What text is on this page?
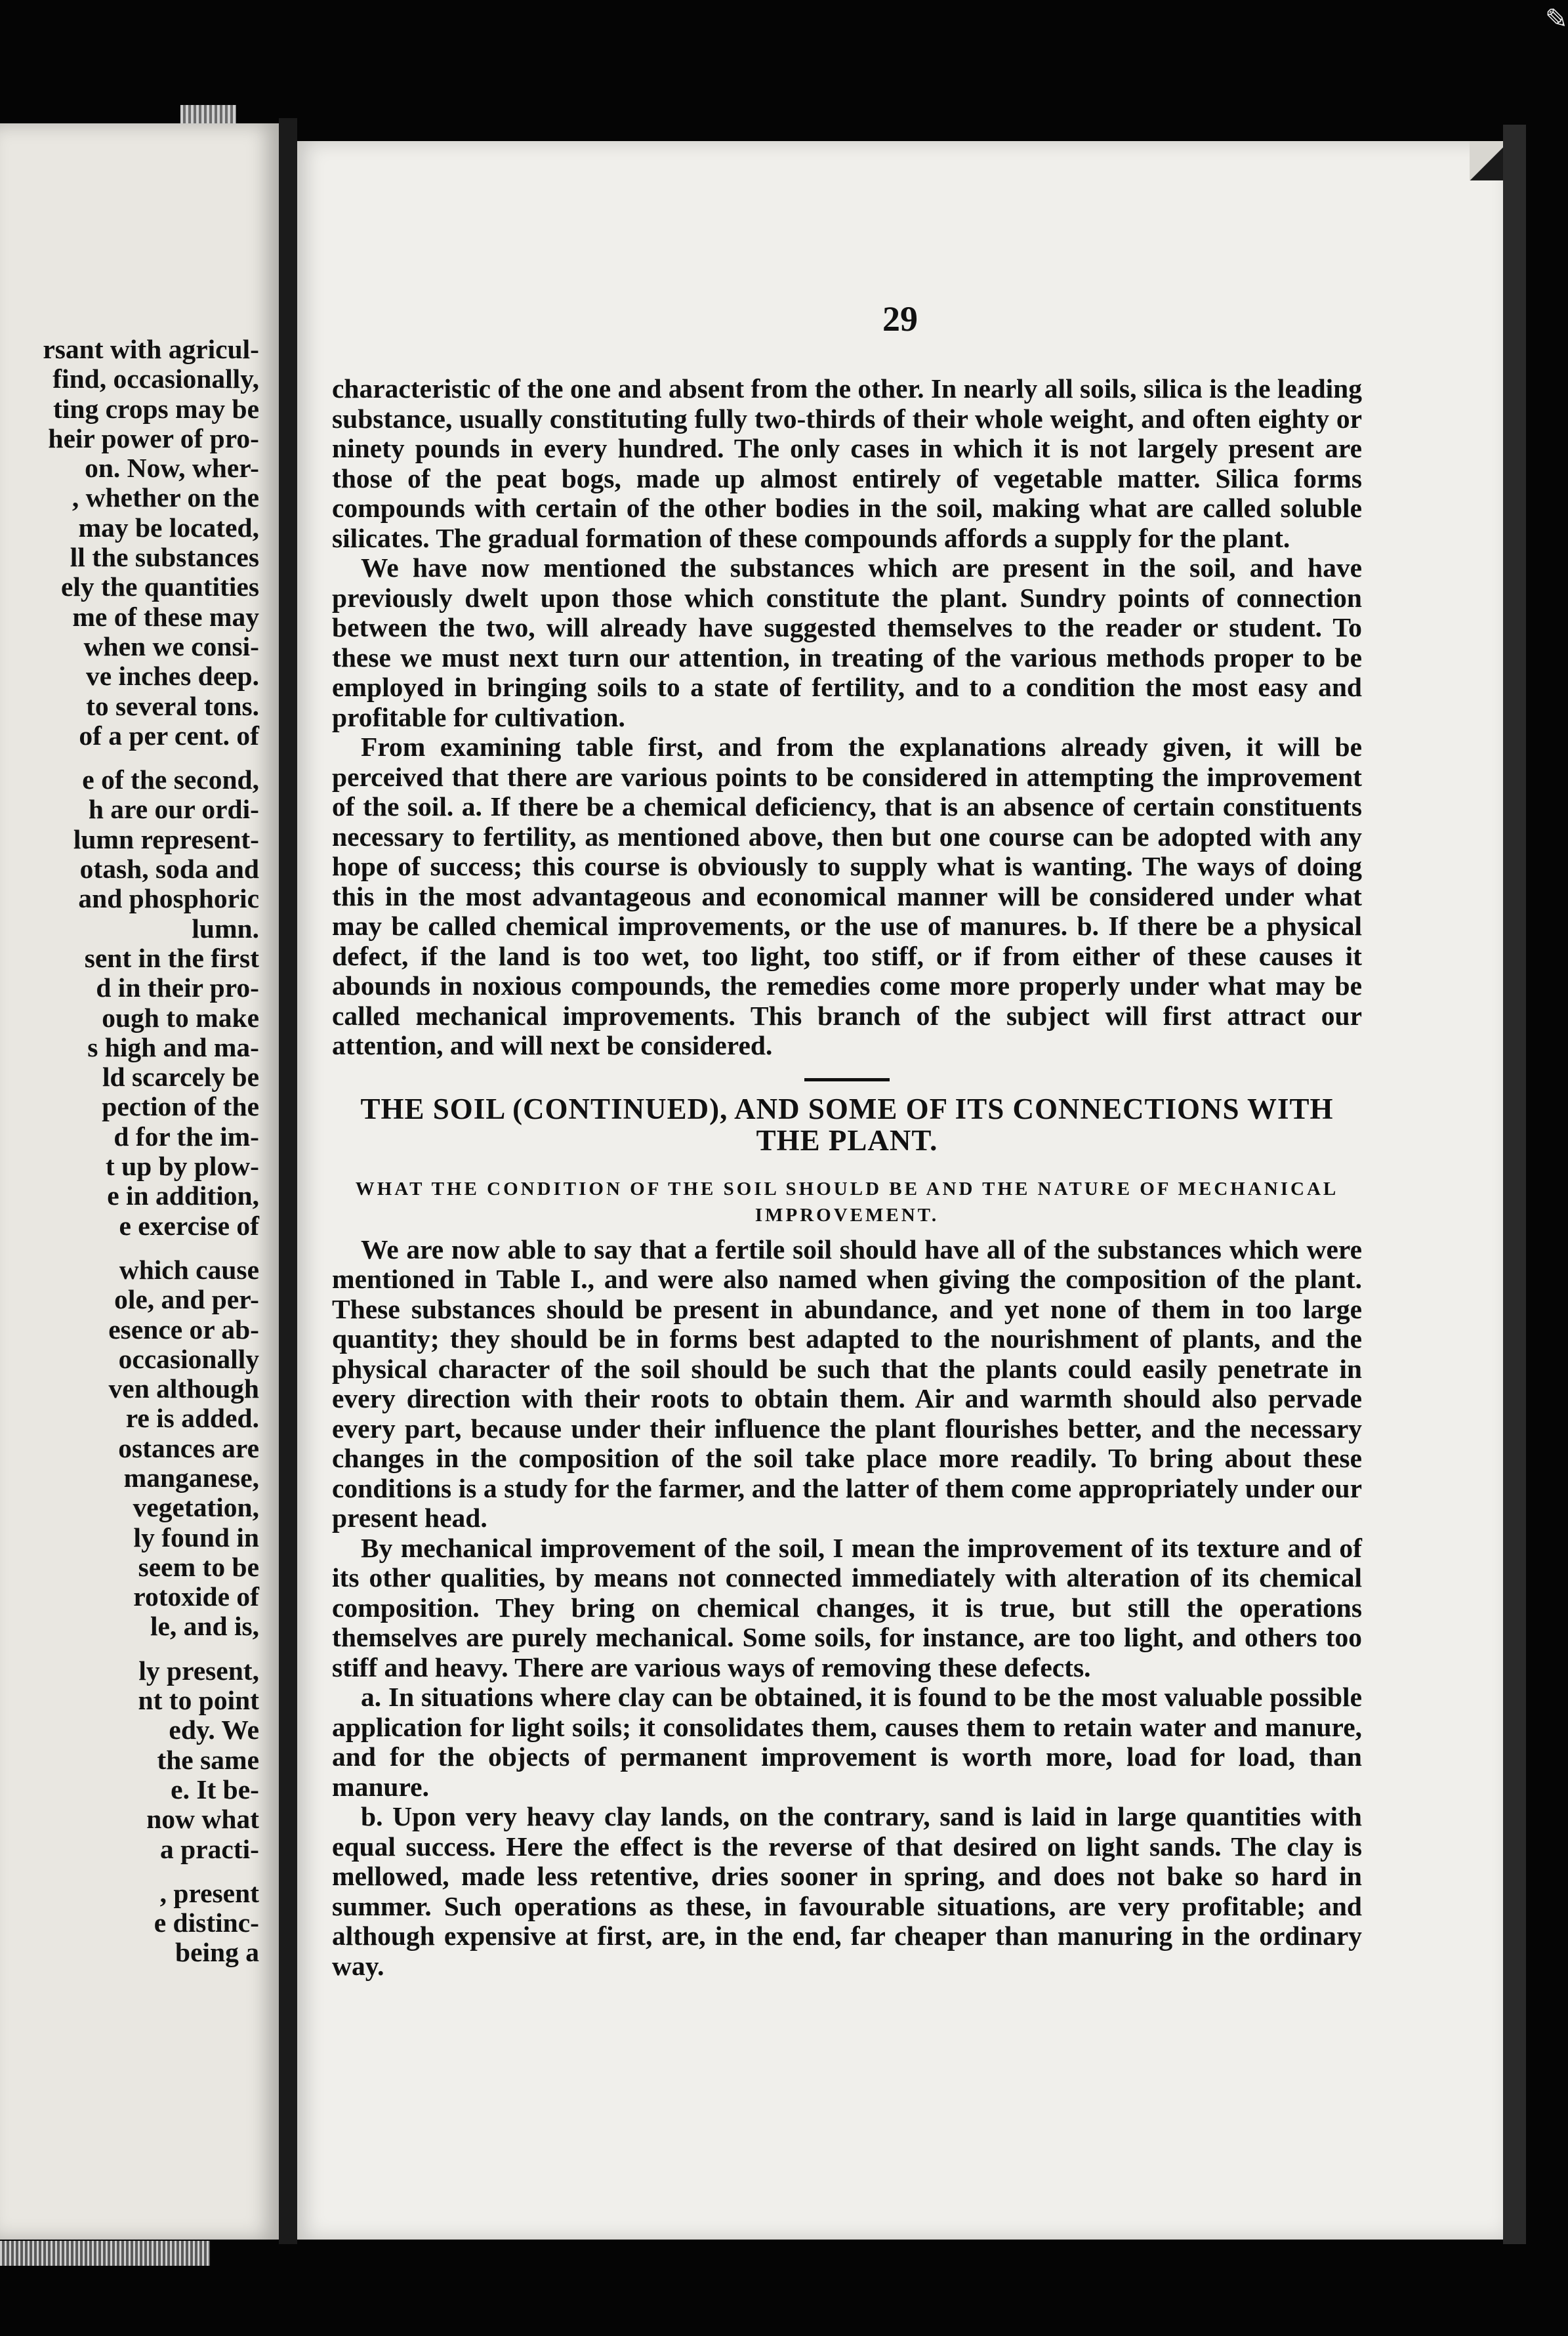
✎
rsant with agricul-
find, occasionally,
ting crops may be
heir power of pro-
on. Now, wher-
, whether on the
may be located,
ll the substances
ely the quantities
me of these may
when we consi-
ve inches deep.
to several tons.
of a per cent. of
e of the second,
h are our ordi-
lumn represent-
otash, soda and
and phosphoric
lumn.
sent in the first
d in their pro-
ough to make
s high and ma-
ld scarcely be
pection of the
d for the im-
t up by plow-
e in addition,
e exercise of
which cause
ole, and per-
esence or ab-
occasionally
ven although
re is added.
ostances are
manganese,
vegetation,
ly found in
seem to be
rotoxide of
le, and is,
ly present,
nt to point
edy. We
the same
e. It be-
now what
a practi-
, present
e distinc-
being a
29

characteristic of the one and absent from the other. In nearly all soils, silica is the leading substance, usually constituting fully two-thirds of their whole weight, and often eighty or ninety pounds in every hundred. The only cases in which it is not largely present are those of the peat bogs, made up almost entirely of vegetable matter. Silica forms compounds with certain of the other bodies in the soil, making what are called soluble silicates. The gradual formation of these compounds affords a supply for the plant.

We have now mentioned the substances which are present in the soil, and have previously dwelt upon those which constitute the plant. Sundry points of connection between the two, will already have suggested themselves to the reader or student. To these we must next turn our attention, in treating of the various methods proper to be employed in bringing soils to a state of fertility, and to a condition the most easy and profitable for cultivation.

From examining table first, and from the explanations already given, it will be perceived that there are various points to be considered in attempting the improvement of the soil. a. If there be a chemical deficiency, that is an absence of certain constituents necessary to fertility, as mentioned above, then but one course can be adopted with any hope of success; this course is obviously to supply what is wanting. The ways of doing this in the most advantageous and economical manner will be considered under what may be called chemical improvements, or the use of manures. b. If there be a physical defect, if the land is too wet, too light, too stiff, or if from either of these causes it abounds in noxious compounds, the remedies come more properly under what may be called mechanical improvements. This branch of the subject will first attract our attention, and will next be considered.

THE SOIL (CONTINUED), AND SOME OF ITS CONNECTIONS WITH THE PLANT.
WHAT THE CONDITION OF THE SOIL SHOULD BE AND THE NATURE OF MECHANICAL IMPROVEMENT.

We are now able to say that a fertile soil should have all of the substances which were mentioned in Table I., and were also named when giving the composition of the plant. These substances should be present in abundance, and yet none of them in too large quantity; they should be in forms best adapted to the nourishment of plants, and the physical character of the soil should be such that the plants could easily penetrate in every direction with their roots to obtain them. Air and warmth should also pervade every part, because under their influence the plant flourishes better, and the necessary changes in the composition of the soil take place more readily. To bring about these conditions is a study for the farmer, and the latter of them come appropriately under our present head.

By mechanical improvement of the soil, I mean the improvement of its texture and of its other qualities, by means not connected immediately with alteration of its chemical composition. They bring on chemical changes, it is true, but still the operations themselves are purely mechanical. Some soils, for instance, are too light, and others too stiff and heavy. There are various ways of removing these defects.

a. In situations where clay can be obtained, it is found to be the most valuable possible application for light soils; it consolidates them, causes them to retain water and manure, and for the objects of permanent improvement is worth more, load for load, than manure.

b. Upon very heavy clay lands, on the contrary, sand is laid in large quantities with equal success. Here the effect is the reverse of that desired on light sands. The clay is mellowed, made less retentive, dries sooner in spring, and does not bake so hard in summer. Such operations as these, in favourable situations, are very profitable; and although expensive at first, are, in the end, far cheaper than manuring in the ordinary way.
